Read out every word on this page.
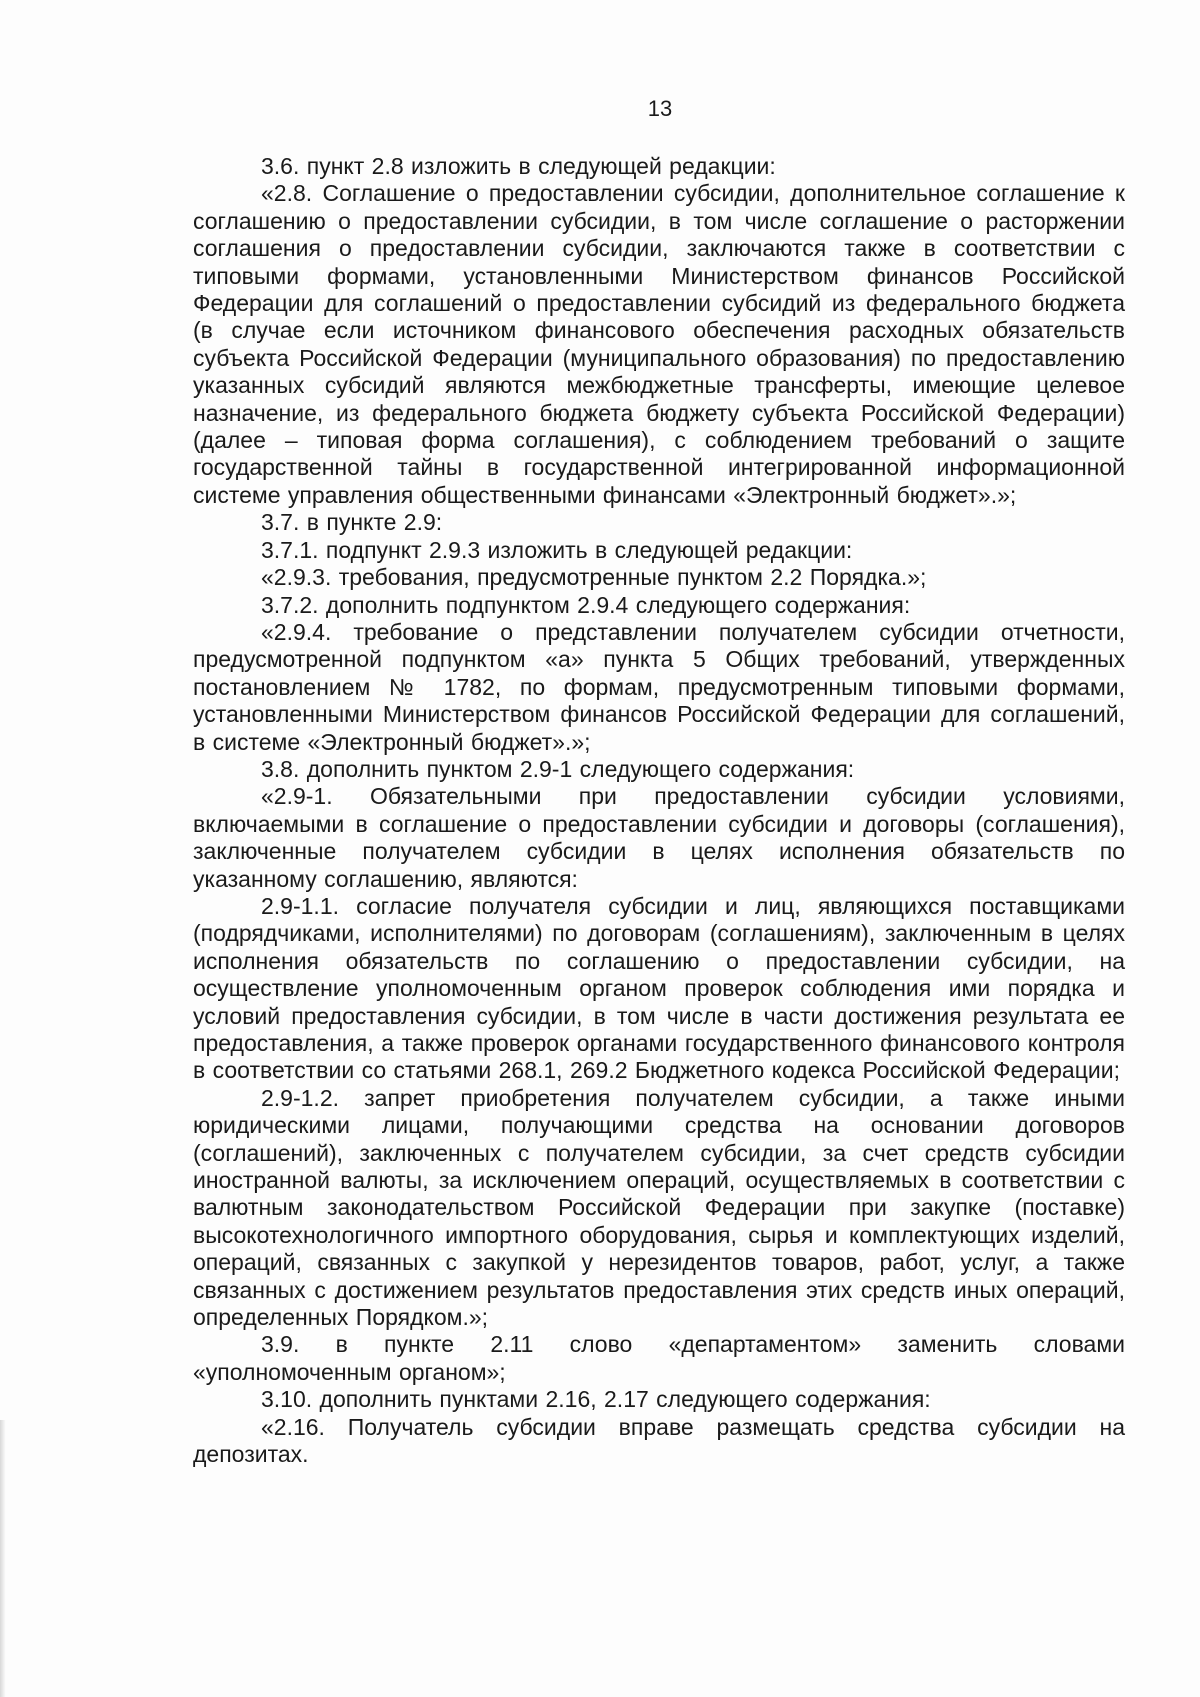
13

3.6. пункт 2.8 изложить в следующей редакции:

«2.8. Соглашение о предоставлении субсидии, дополнительное соглашение к соглашению о предоставлении субсидии, в том числе соглашение о расторжении соглашения о предоставлении субсидии, заключаются также в соответствии с типовыми формами, установленными Министерством финансов Российской Федерации для соглашений о предоставлении субсидий из федерального бюджета (в случае если источником финансового обеспечения расходных обязательств субъекта Российской Федерации (муниципального образования) по предоставлению указанных субсидий являются межбюджетные трансферты, имеющие целевое назначение, из федерального бюджета бюджету субъекта Российской Федерации) (далее – типовая форма соглашения), с соблюдением требований о защите государственной тайны в государственной интегрированной информационной системе управления общественными финансами «Электронный бюджет».»;

3.7. в пункте 2.9:

3.7.1. подпункт 2.9.3 изложить в следующей редакции:

«2.9.3. требования, предусмотренные пунктом 2.2 Порядка.»;

3.7.2. дополнить подпунктом 2.9.4 следующего содержания:

«2.9.4. требование о представлении получателем субсидии отчетности, предусмотренной подпунктом «а» пункта 5 Общих требований, утвержденных постановлением № 1782, по формам, предусмотренным типовыми формами, установленными Министерством финансов Российской Федерации для соглашений, в системе «Электронный бюджет».»;

3.8. дополнить пунктом 2.9-1 следующего содержания:

«2.9-1. Обязательными при предоставлении субсидии условиями, включаемыми в соглашение о предоставлении субсидии и договоры (соглашения), заключенные получателем субсидии в целях исполнения обязательств по указанному соглашению, являются:

2.9-1.1. согласие получателя субсидии и лиц, являющихся поставщиками (подрядчиками, исполнителями) по договорам (соглашениям), заключенным в целях исполнения обязательств по соглашению о предоставлении субсидии, на осуществление уполномоченным органом проверок соблюдения ими порядка и условий предоставления субсидии, в том числе в части достижения результата ее предоставления, а также проверок органами государственного финансового контроля в соответствии со статьями 268.1, 269.2 Бюджетного кодекса Российской Федерации;

2.9-1.2. запрет приобретения получателем субсидии, а также иными юридическими лицами, получающими средства на основании договоров (соглашений), заключенных с получателем субсидии, за счет средств субсидии иностранной валюты, за исключением операций, осуществляемых в соответствии с валютным законодательством Российской Федерации при закупке (поставке) высокотехнологичного импортного оборудования, сырья и комплектующих изделий, операций, связанных с закупкой у нерезидентов товаров, работ, услуг, а также связанных с достижением результатов предоставления этих средств иных операций, определенных Порядком.»;

3.9. в пункте 2.11 слово «департаментом» заменить словами «уполномоченным органом»;

3.10. дополнить пунктами 2.16, 2.17 следующего содержания:

«2.16. Получатель субсидии вправе размещать средства субсидии на депозитах.
